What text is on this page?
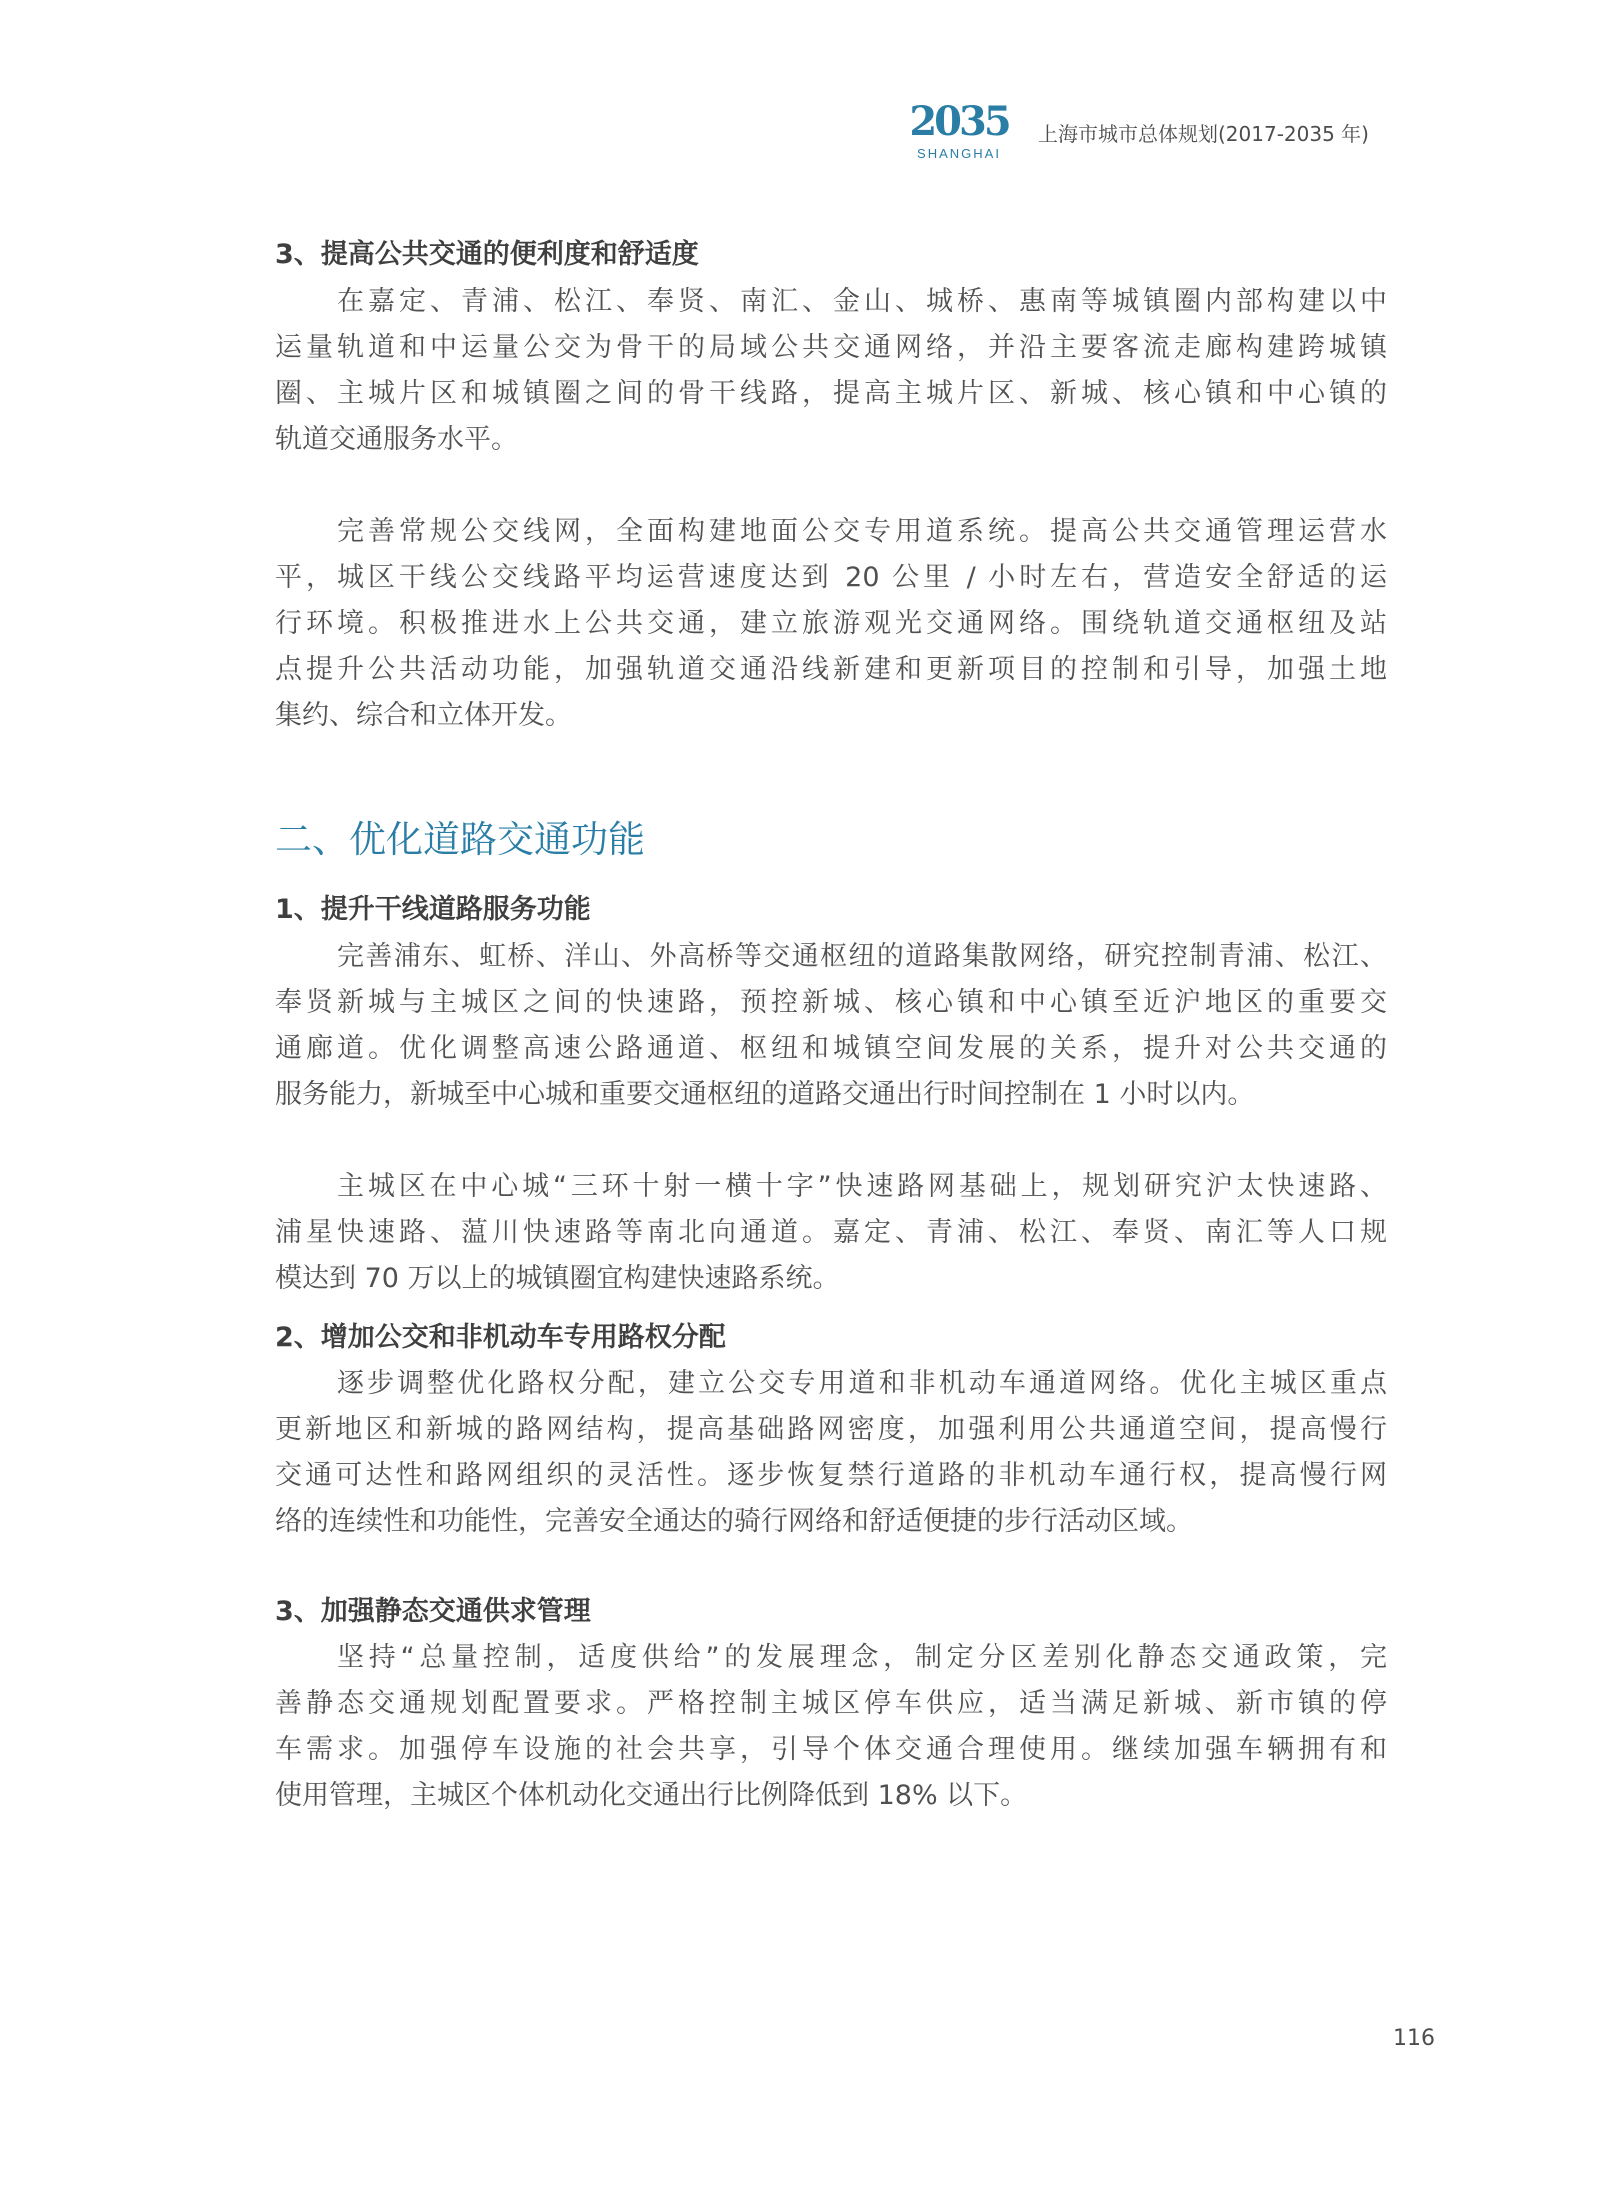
2035
SHANGHAI
上海市城市总体规划(2017-2035 年)
3、提高公共交通的便利度和舒适度
在嘉定、青浦、松江、奉贤、南汇、金山、城桥、惠南等城镇圈内部构建以中
运量轨道和中运量公交为骨干的局域公共交通网络，并沿主要客流走廊构建跨城镇
圈、主城片区和城镇圈之间的骨干线路，提高主城片区、新城、核心镇和中心镇的
轨道交通服务水平。
完善常规公交线网，全面构建地面公交专用道系统。提高公共交通管理运营水
平，城区干线公交线路平均运营速度达到 20 公里 / 小时左右，营造安全舒适的运
行环境。积极推进水上公共交通，建立旅游观光交通网络。围绕轨道交通枢纽及站
点提升公共活动功能，加强轨道交通沿线新建和更新项目的控制和引导，加强土地
集约、综合和立体开发。
二、优化道路交通功能
1、提升干线道路服务功能
完善浦东、虹桥、洋山、外高桥等交通枢纽的道路集散网络，研究控制青浦、松江、
奉贤新城与主城区之间的快速路，预控新城、核心镇和中心镇至近沪地区的重要交
通廊道。优化调整高速公路通道、枢纽和城镇空间发展的关系，提升对公共交通的
服务能力，新城至中心城和重要交通枢纽的道路交通出行时间控制在 1 小时以内。
主城区在中心城“三环十射一横十字”快速路网基础上，规划研究沪太快速路、
浦星快速路、蕰川快速路等南北向通道。嘉定、青浦、松江、奉贤、南汇等人口规
模达到 70 万以上的城镇圈宜构建快速路系统。
2、增加公交和非机动车专用路权分配
逐步调整优化路权分配，建立公交专用道和非机动车通道网络。优化主城区重点
更新地区和新城的路网结构，提高基础路网密度，加强利用公共通道空间，提高慢行
交通可达性和路网组织的灵活性。逐步恢复禁行道路的非机动车通行权，提高慢行网
络的连续性和功能性，完善安全通达的骑行网络和舒适便捷的步行活动区域。
3、加强静态交通供求管理
坚持“总量控制，适度供给”的发展理念，制定分区差别化静态交通政策，完
善静态交通规划配置要求。严格控制主城区停车供应，适当满足新城、新市镇的停
车需求。加强停车设施的社会共享，引导个体交通合理使用。继续加强车辆拥有和
使用管理，主城区个体机动化交通出行比例降低到 18% 以下。
116
